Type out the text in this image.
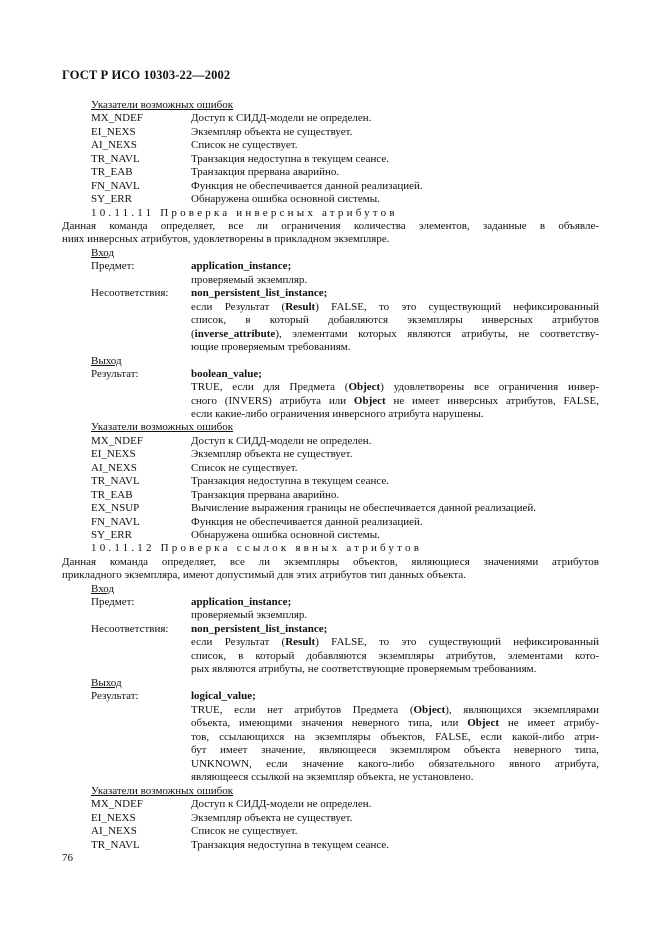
ГОСТ Р ИСО 10303-22—2002
Указатели возможных ошибок
MX_NDEF	Доступ к СИДД-модели не определен.
EI_NEXS	Экземпляр объекта не существует.
AI_NEXS	Список не существует.
TR_NAVL	Транзакция недоступна в текущем сеансе.
TR_EAB	Транзакция прервана аварийно.
FN_NAVL	Функция не обеспечивается данной реализацией.
SY_ERR	Обнаружена ошибка основной системы.
10.11.11 Проверка инверсных атрибутов
Данная команда определяет, все ли ограничения количества элементов, заданные в объявле-
ниях инверсных атрибутов, удовлетворены в прикладном экземпляре.
Вход
Предмет:	application_instance;
проверяемый экземпляр.
Несоответствия: non_persistent_list_instance;
если Результат (Result) FALSE, то это существующий нефиксированный
список, в который добавляются экземпляры инверсных атрибутов
(inverse_attribute), элементами которых являются атрибуты, не соответству-
ющие проверяемым требованиям.
Выход
Результат:	boolean_value;
TRUE, если для Предмета (Object) удовлетворены все ограничения инвер-
сного (INVERS) атрибута или Object не имеет инверсных атрибутов, FALSE,
если какие-либо ограничения инверсного атрибута нарушены.
Указатели возможных ошибок
MX_NDEF	Доступ к СИДД-модели не определен.
EI_NEXS	Экземпляр объекта не существует.
AI_NEXS	Список не существует.
TR_NAVL	Транзакция недоступна в текущем сеансе.
TR_EAB	Транзакция прервана аварийно.
EX_NSUP	Вычисление выражения границы не обеспечивается данной реализацией.
FN_NAVL	Функция не обеспечивается данной реализацией.
SY_ERR	Обнаружена ошибка основной системы.
10.11.12 Проверка ссылок явных атрибутов
Данная команда определяет, все ли экземпляры объектов, являющиеся значениями атрибутов
прикладного экземпляра, имеют допустимый для этих атрибутов тип данных объекта.
Вход
Предмет:	application_instance;
проверяемый экземпляр.
Несоответствия: non_persistent_list_instance;
если Результат (Result) FALSE, то это существующий нефиксированный
список, в который добавляются экземпляры атрибутов, элементами кото-
рых являются атрибуты, не соответствующие проверяемым требованиям.
Выход
Результат:	logical_value;
TRUE, если нет атрибутов Предмета (Object), являющихся экземплярами
объекта, имеющими значения неверного типа, или Object не имеет атрибу-
тов, ссылающихся на экземпляры объектов, FALSE, если какой-либо атри-
бут имеет значение, являющееся экземпляром объекта неверного типа,
UNKNOWN, если значение какого-либо обязательного явного атрибута,
являющееся ссылкой на экземпляр объекта, не установлено.
Указатели возможных ошибок
MX_NDEF	Доступ к СИДД-модели не определен.
EI_NEXS	Экземпляр объекта не существует.
AI_NEXS	Список не существует.
TR_NAVL	Транзакция недоступна в текущем сеансе.
76
